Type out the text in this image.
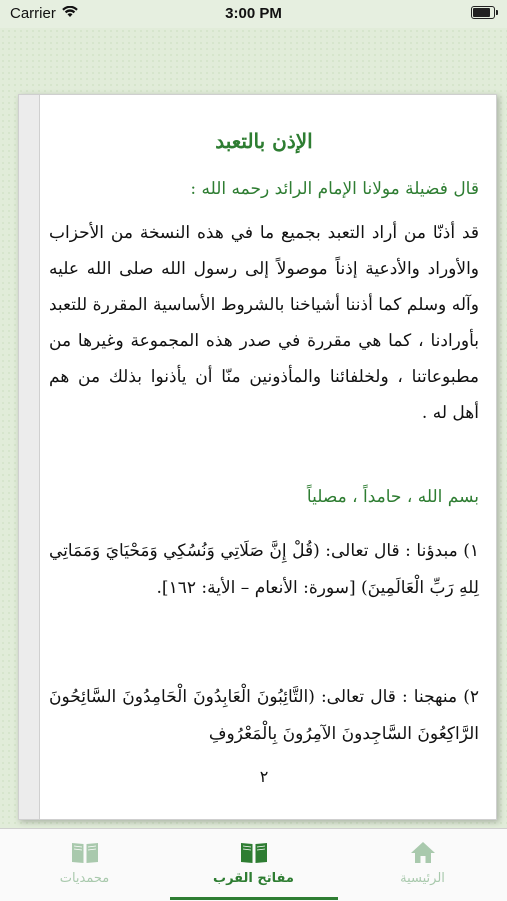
Carrier	3:00 PM
الإذن بالتعبد
قال فضيلة مولانا الإمام الرائد رحمه الله :
قد أذنّا من أراد التعبد بجميع ما في هذه النسخة من الأحزاب والأوراد والأدعية إذناً موصولاً إلى رسول الله صلى الله عليه وآله وسلم كما أذننا أشياخنا بالشروط الأساسية المقررة للتعبد بأورادنا ، كما هي مقررة في صدر هذه المجموعة وغيرها من مطبوعاتنا ، ولخلفائنا والمأذونين منّا أن يأذنوا بذلك من هم أهل له .
بسم الله ، حامداً ، مصلياً
١) مبدؤنا : قال تعالى: (قُلْ إِنَّ صَلَاتِي وَنُسُكِي وَمَحْيَايَ وَمَمَاتِي لِلهِ رَبِّ الْعَالَمِينَ) [سورة: الأنعام – الأية: ١٦٢].
٢) منهجنا : قال تعالى: (التَّائِبُونَ الْعَابِدُونَ الْحَامِدُونَ السَّائِحُونَ الرَّاكِعُونَ السَّاجِدونَ الآمِرُونَ بِالْمَعْرُوفِ
٢
الرئيسية
مفاتح القرب
محمديات
